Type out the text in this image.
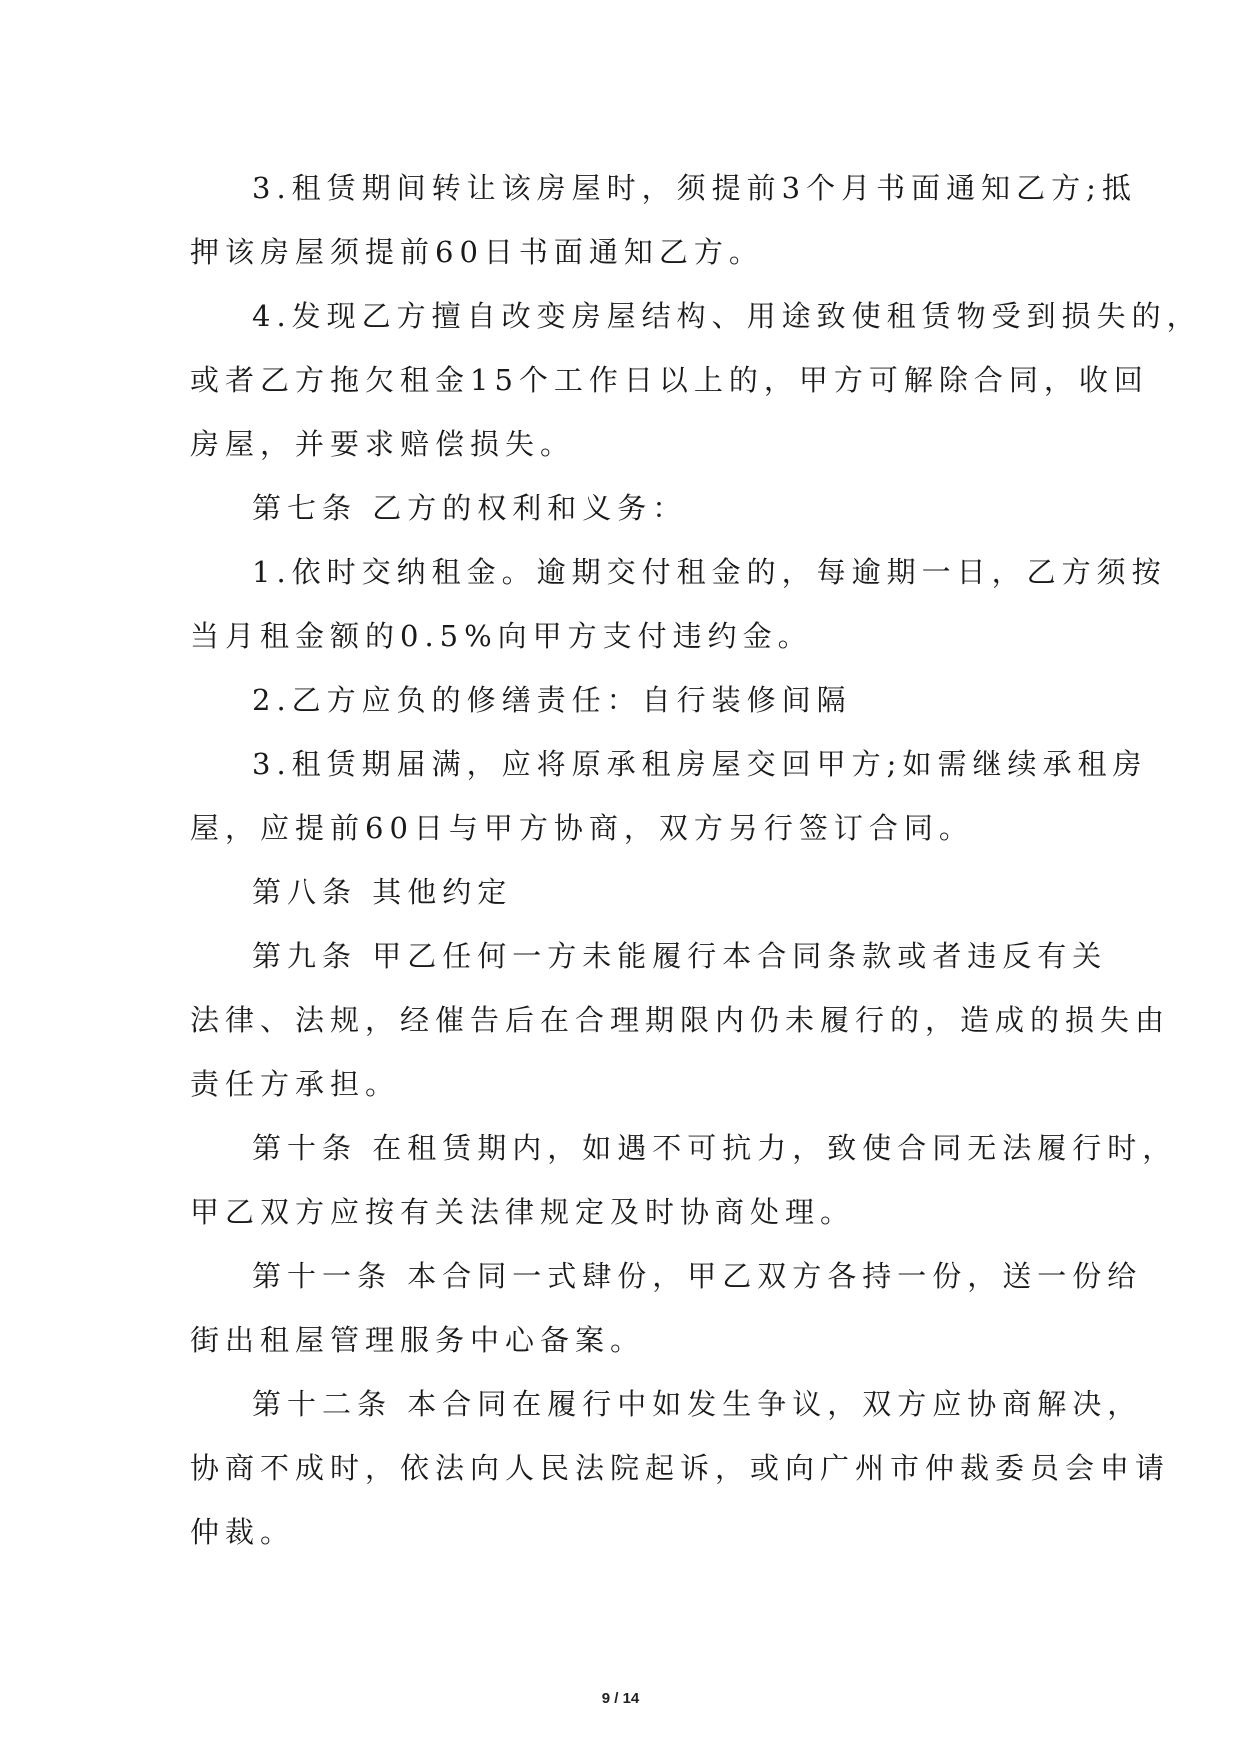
3.租赁期间转让该房屋时，须提前3个月书面通知乙方;抵
押该房屋须提前60日书面通知乙方。
4.发现乙方擅自改变房屋结构、用途致使租赁物受到损失的，
或者乙方拖欠租金15个工作日以上的，甲方可解除合同，收回
房屋，并要求赔偿损失。
第七条 乙方的权利和义务：
1.依时交纳租金。逾期交付租金的，每逾期一日，乙方须按
当月租金额的0.5%向甲方支付违约金。
2.乙方应负的修缮责任：自行装修间隔
3.租赁期届满，应将原承租房屋交回甲方;如需继续承租房
屋，应提前60日与甲方协商，双方另行签订合同。
第八条 其他约定
第九条 甲乙任何一方未能履行本合同条款或者违反有关
法律、法规，经催告后在合理期限内仍未履行的，造成的损失由
责任方承担。
第十条 在租赁期内，如遇不可抗力，致使合同无法履行时，
甲乙双方应按有关法律规定及时协商处理。
第十一条 本合同一式肆份，甲乙双方各持一份，送一份给
街出租屋管理服务中心备案。
第十二条 本合同在履行中如发生争议，双方应协商解决，
协商不成时，依法向人民法院起诉，或向广州市仲裁委员会申请
仲裁。
9 / 14
